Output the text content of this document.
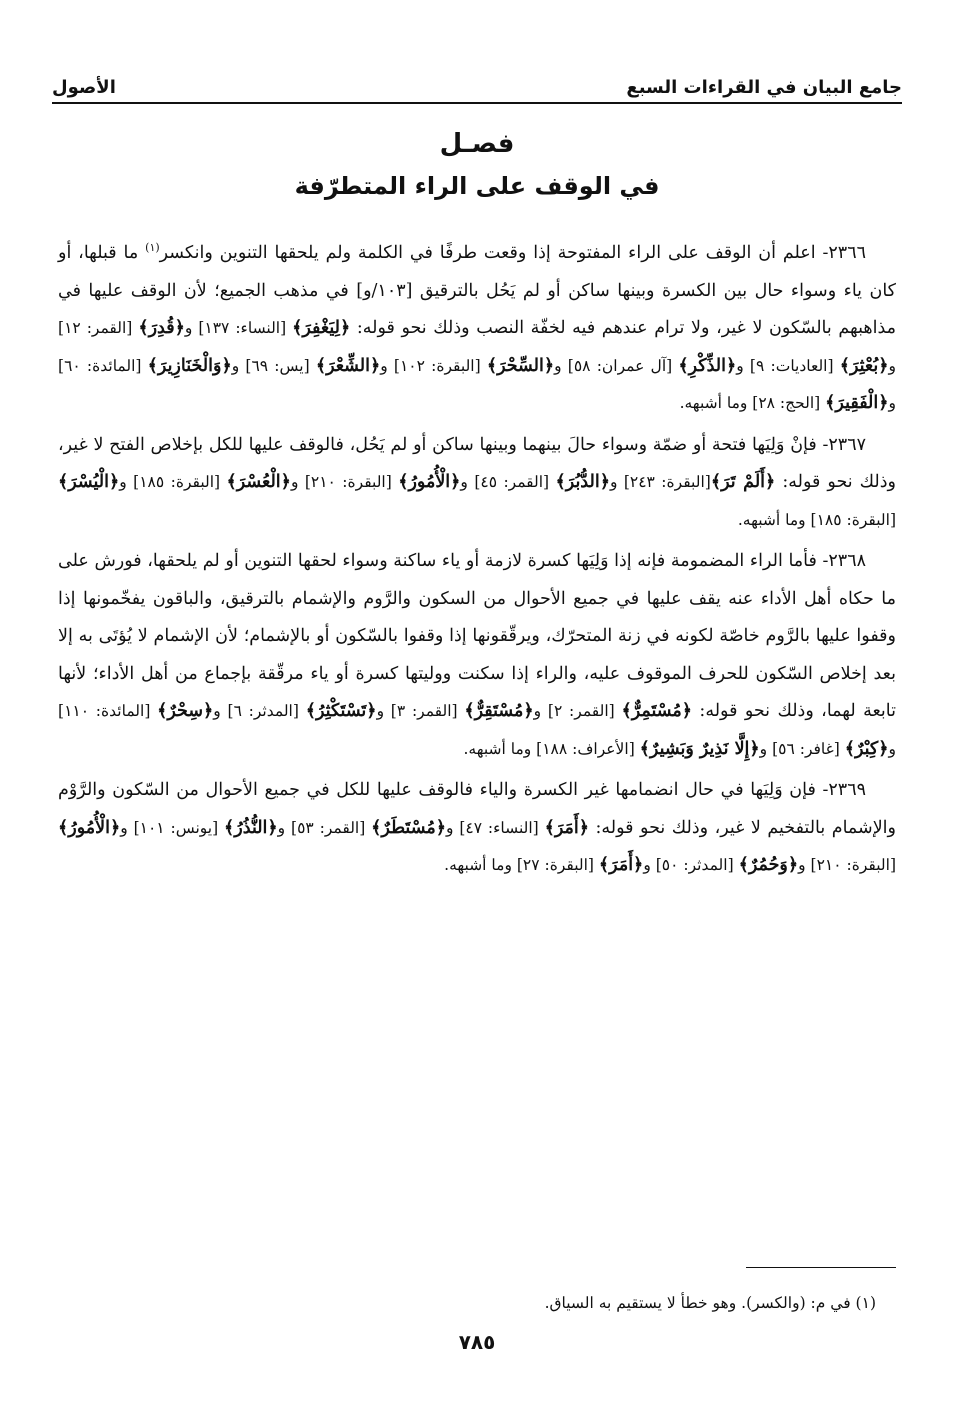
جامع البيان في القراءات السبع
الأصول
فصـل
في الوقف على الراء المتطرّفة

٢٣٦٦- اعلم أن الوقف على الراء المفتوحة إذا وقعت طرفًا في الكلمة ولم يلحقها التنوين وانكسر$^{(١)}$ ما قبلها، أو كان ياء وسواء حال بين الكسرة وبينها ساكن أو لم يَحُل بالترقيق [١٠٣/و] في مذهب الجميع؛ لأن الوقف عليها في مذاهبهم بالسّكون لا غير، ولا ترام عندهم فيه لخفّة النصب وذلك نحو قوله: ﴿لِيَغْفِرَ﴾ [النساء: ١٣٧] و﴿قُدِرَ﴾ [القمر: ١٢] و﴿بُعْثِرَ﴾ [العاديات: ٩] و﴿الذِّكْرِ﴾ [آل عمران: ٥٨] و﴿السِّحْرَ﴾ [البقرة: ١٠٢] و﴿الشِّعْرَ﴾ [يس: ٦٩] و﴿وَالْخَنَازِيرَ﴾ [المائدة: ٦٠] و﴿الْفَقِيرَ﴾ [الحج: ٢٨] وما أشبهه.

٢٣٦٧- فإنْ وَلِيَها فتحة أو ضمّة وسواء حالَ بينهما وبينها ساكن أو لم يَحُل، فالوقف عليها للكل بإخلاص الفتح لا غير، وذلك نحو قوله: ﴿أَلَمْ تَرَ﴾[البقرة: ٢٤٣] و﴿الدُّبُرَ﴾ [القمر: ٤٥] و﴿الْأُمُورُ﴾ [البقرة: ٢١٠] و﴿الْعُسْرَ﴾ [البقرة: ١٨٥] و﴿الْيُسْرَ﴾ [البقرة: ١٨٥] وما أشبهه.

٢٣٦٨- فأما الراء المضمومة فإنه إذا وَلِيَها كسرة لازمة أو ياء ساكنة وسواء لحقها التنوين أو لم يلحقها، فورش على ما حكاه أهل الأداء عنه يقف عليها في جميع الأحوال من السكون والرَّوم والإشمام بالترقيق، والباقون يفخّمونها إذا وقفوا عليها بالرَّوم خاصّة لكونه في زنة المتحرّك، ويرقّقونها إذا وقفوا بالسّكون أو بالإشمام؛ لأن الإشمام لا يُؤتَى به إلا بعد إخلاص السّكون للحرف الموقوف عليه، والراء إذا سكنت ووليتها كسرة أو ياء مرقّقة بإجماع من أهل الأداء؛ لأنها تابعة لهما، وذلك نحو قوله: ﴿مُسْتَمِرٌّ﴾ [القمر: ٢] و﴿مُسْتَقِرٌّ﴾ [القمر: ٣] و﴿تَسْتَكْثِرُ﴾ [المدثر: ٦] و﴿سِحْرٌ﴾ [المائدة: ١١٠] و﴿كِبْرٌ﴾ [غافر: ٥٦] و﴿إِلَّا نَذِيرٌ وَبَشِيرٌ﴾ [الأعراف: ١٨٨] وما أشبهه.

٢٣٦٩- فإن وَلِيَها في حال انضمامها غير الكسرة والياء فالوقف عليها للكل في جميع الأحوال من السّكون والرَّوْم والإشمام بالتفخيم لا غير، وذلك نحو قوله: ﴿أَمَرَ﴾ [النساء: ٤٧] و﴿مُسْتَطَرٌ﴾ [القمر: ٥٣] و﴿النُّذُرُ﴾ [يونس: ١٠١] و﴿الْأُمُورُ﴾ [البقرة: ٢١٠] و﴿وَحُمُرٌ﴾ [المدثر: ٥٠] و﴿أَمَرَ﴾ [البقرة: ٢٧] وما أشبهه.

(١) في م: (والكسر). وهو خطأ لا يستقيم به السياق.
٧٨٥
